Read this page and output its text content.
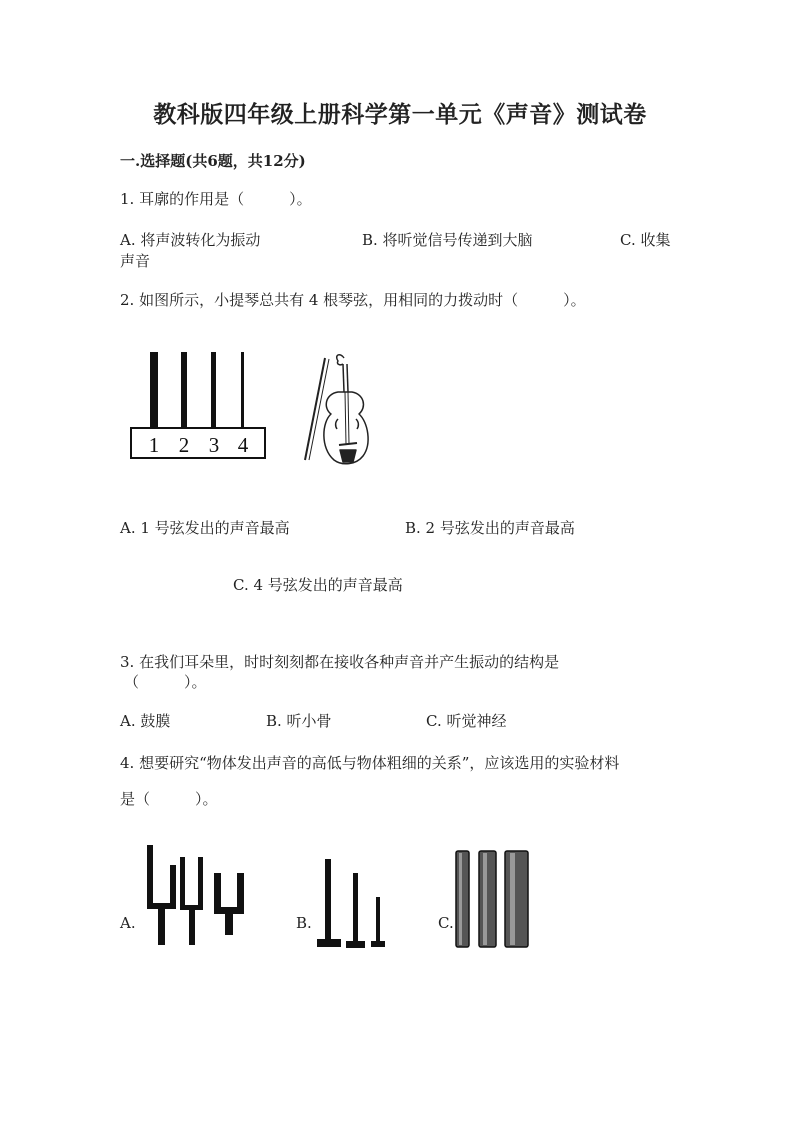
教科版四年级上册科学第一单元《声音》测试卷
一.选择题(共6题，共12分)
1. 耳廓的作用是（　　　）。
A. 将声波转化为振动	B. 将听觉信号传递到大脑	C. 收集
声音
2. 如图所示，小提琴总共有 4 根琴弦，用相同的力拨动时（　　　）。
1 2 3 4
A. 1 号弦发出的声音最高	B. 2 号弦发出的声音最高
C. 4 号弦发出的声音最高
3. 在我们耳朵里，时时刻刻都在接收各种声音并产生振动的结构是
（　　　）。
A. 鼓膜	B. 听小骨	C. 听觉神经
4. 想要研究“物体发出声音的高低与物体粗细的关系”，应该选用的实验材料
是（　　　）。
A.	B.	C.
